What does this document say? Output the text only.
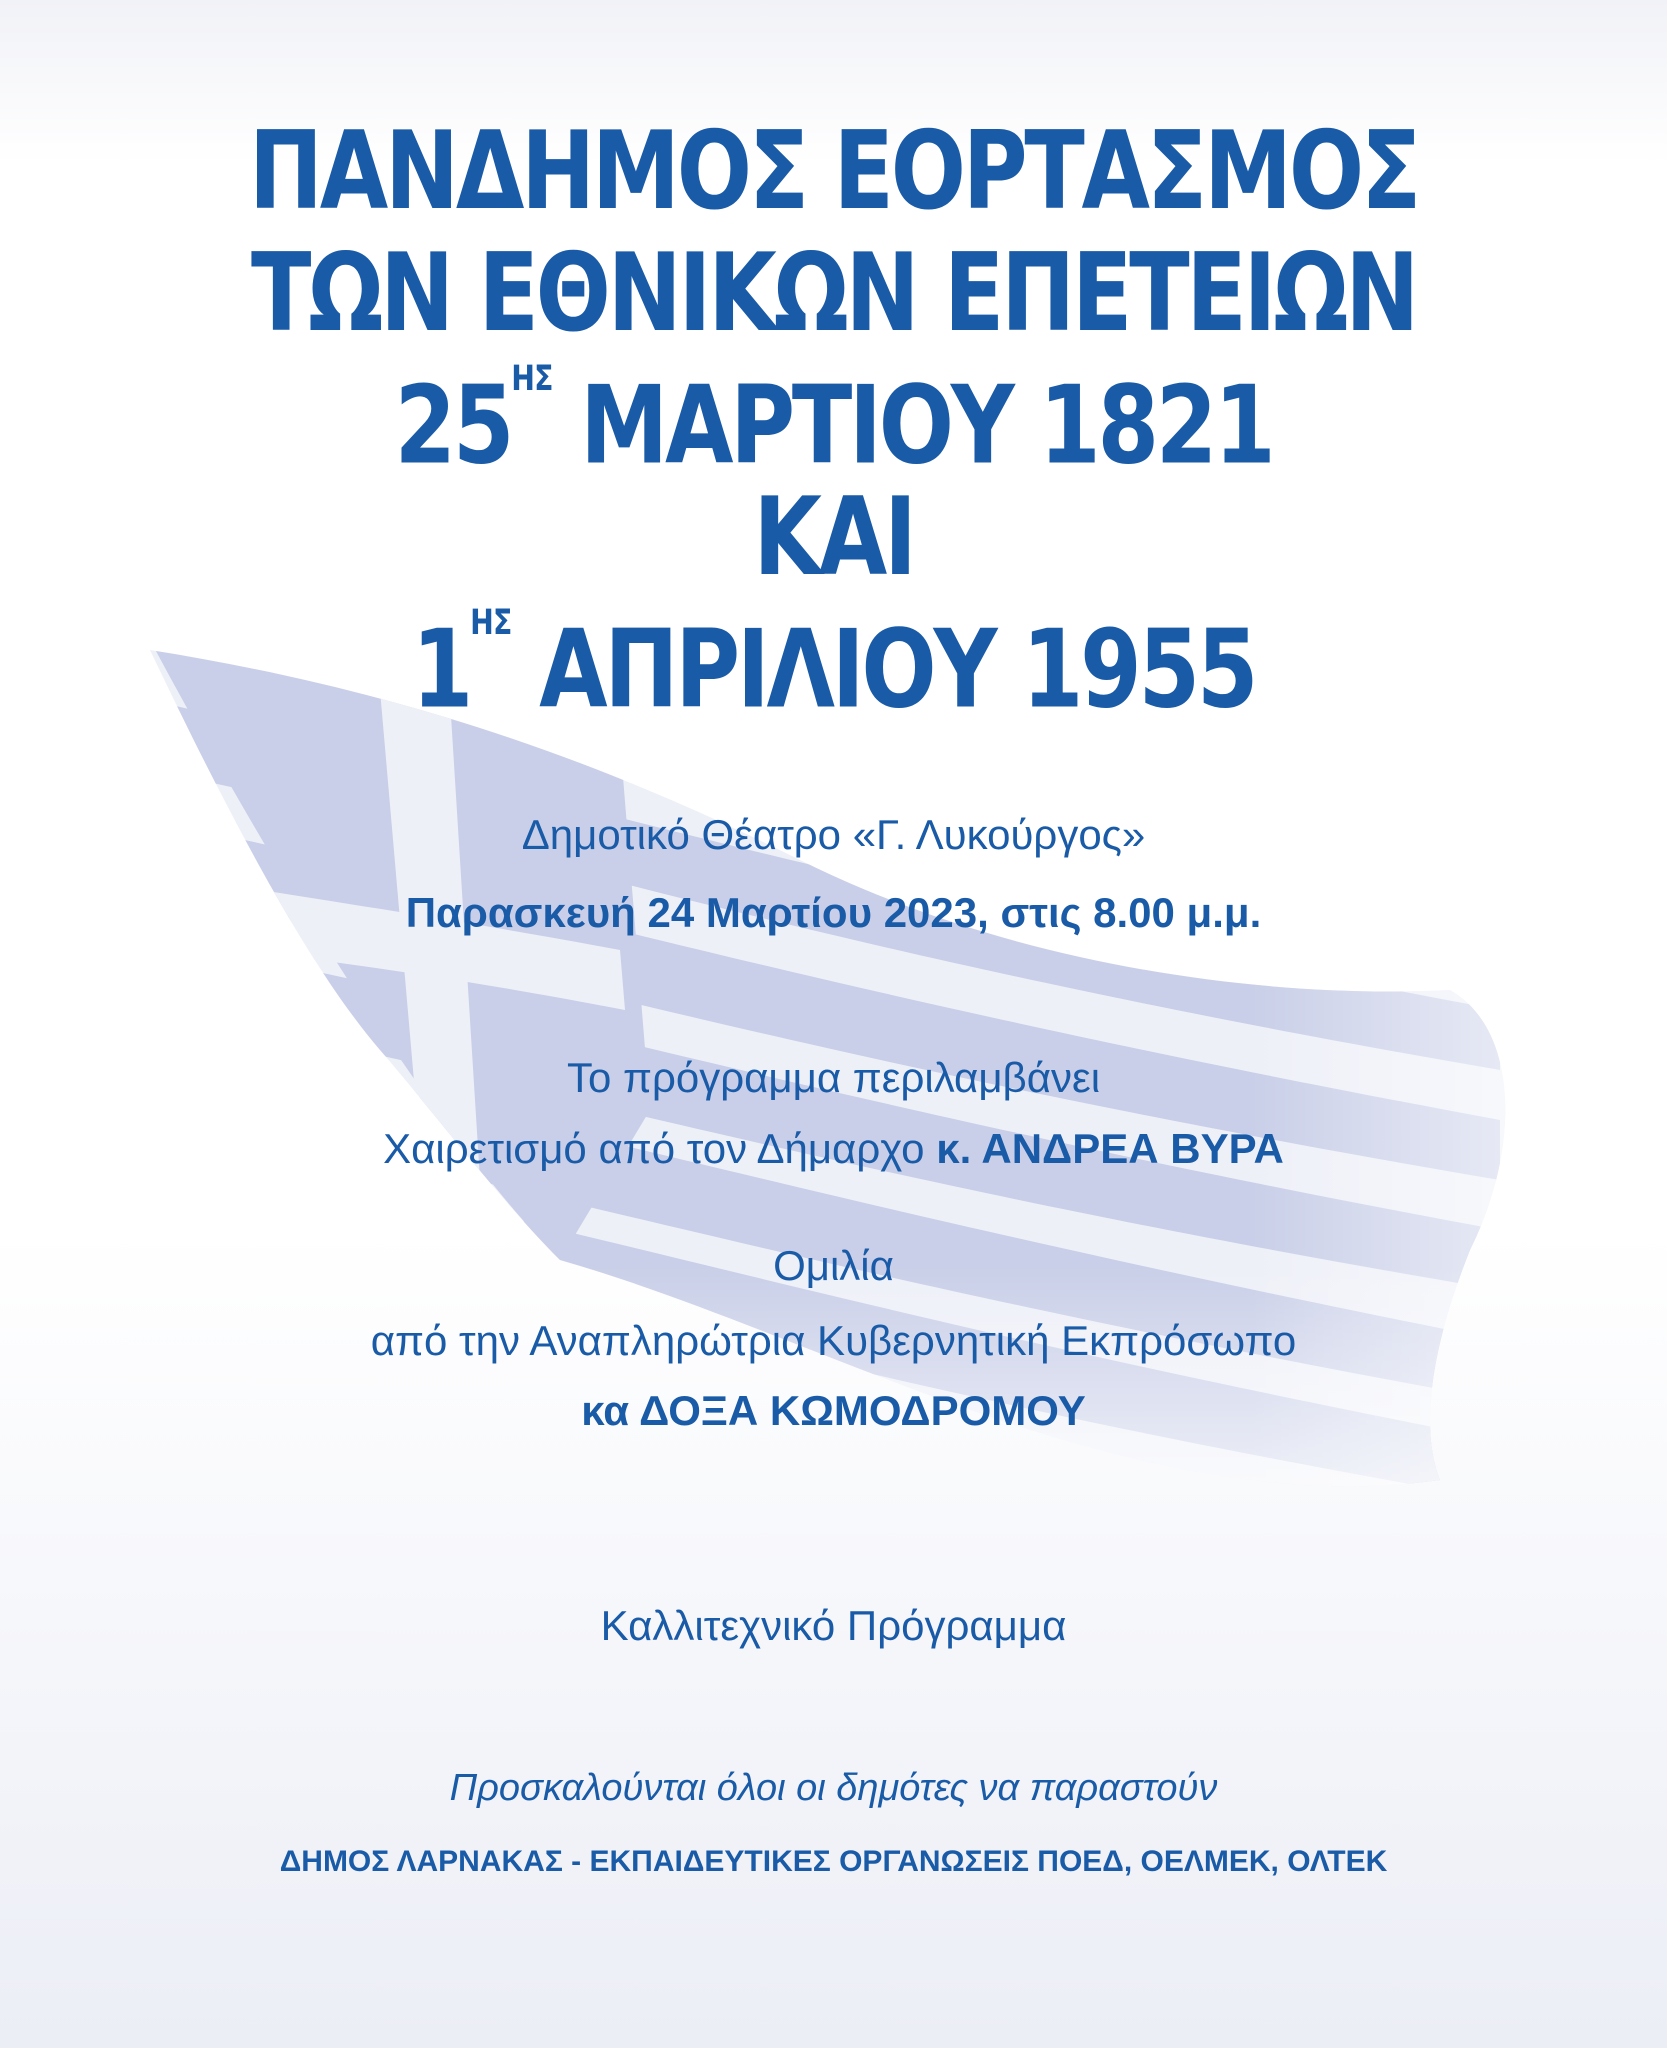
ΠΑΝΔΗΜΟΣ ΕΟΡΤΑΣΜΟΣ
ΤΩΝ ΕΘΝΙΚΩΝ ΕΠΕΤΕΙΩΝ
$25^{H\Sigma}$ ΜΑΡΤΙΟΥ 1821
ΚΑΙ
$1^{H\Sigma}$ ΑΠΡΙΛΙΟΥ 1955

Δημοτικό Θέατρο «Γ. Λυκούργος»

Παρασκευή 24 Μαρτίου 2023, στις 8.00 μ.μ.

Το πρόγραμμα περιλαμβάνει

Χαιρετισμό από τον Δήμαρχο κ. ΑΝΔΡΕΑ ΒΥΡΑ

Ομιλία

από την Αναπληρώτρια Κυβερνητική Εκπρόσωπο

κα ΔΟΞΑ ΚΩΜΟΔΡΟΜΟΥ

Καλλιτεχνικό Πρόγραμμα

Προσκαλούνται όλοι οι δημότες να παραστούν

ΔΗΜΟΣ ΛΑΡΝΑΚΑΣ - ΕΚΠΑΙΔΕΥΤΙΚΕΣ ΟΡΓΑΝΩΣΕΙΣ ΠΟΕΔ, ΟΕΛΜΕΚ, ΟΛΤΕΚ
